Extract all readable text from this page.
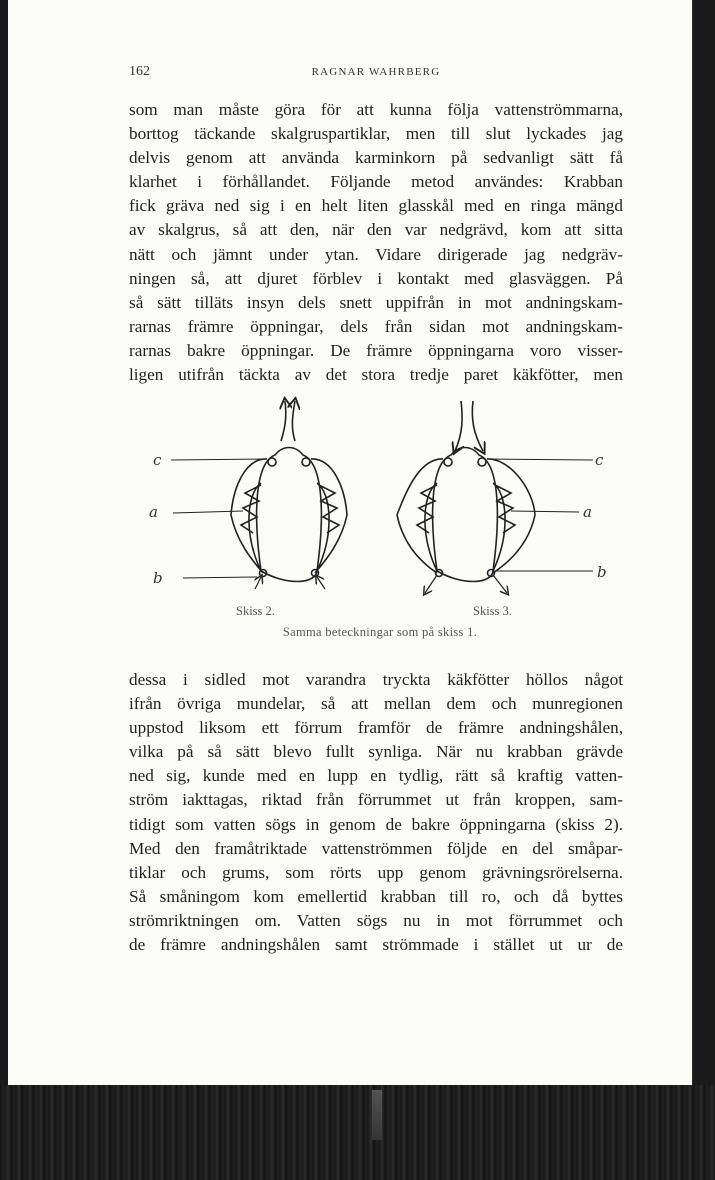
162	RAGNAR WAHRBERG
som man måste göra för att kunna följa vattenströmmarna,
borttog täckande skalgruspartiklar, men till slut lyckades jag
delvis genom att använda karminkorn på sedvanligt sätt få
klarhet i förhållandet. Följande metod användes: Krabban
fick gräva ned sig i en helt liten glasskål med en ringa mängd
av skalgrus, så att den, när den var nedgrävd, kom att sitta
nätt och jämnt under ytan. Vidare dirigerade jag nedgräv-
ningen så, att djuret förblev i kontakt med glasväggen. På
så sätt tilläts insyn dels snett uppifrån in mot andningskam-
rarnas främre öppningar, dels från sidan mot andningskam-
rarnas bakre öppningar. De främre öppningarna voro visser-
ligen utifrån täckta av det stora tredje paret käkfötter, men
c
a
b
c
a
b
Skiss 2.	Skiss 3.
Samma beteckningar som på skiss 1.
dessa i sidled mot varandra tryckta käkfötter höllos något
ifrån övriga mundelar, så att mellan dem och munregionen
uppstod liksom ett förrum framför de främre andningshålen,
vilka på så sätt blevo fullt synliga. När nu krabban grävde
ned sig, kunde med en lupp en tydlig, rätt så kraftig vatten-
ström iakttagas, riktad från förrummet ut från kroppen, sam-
tidigt som vatten sögs in genom de bakre öppningarna (skiss 2).
Med den framåtriktade vattenströmmen följde en del småpar-
tiklar och grums, som rörts upp genom grävningsrörelserna.
Så småningom kom emellertid krabban till ro, och då byttes
strömriktningen om. Vatten sögs nu in mot förrummet och
de främre andningshålen samt strömmade i stället ut ur de
